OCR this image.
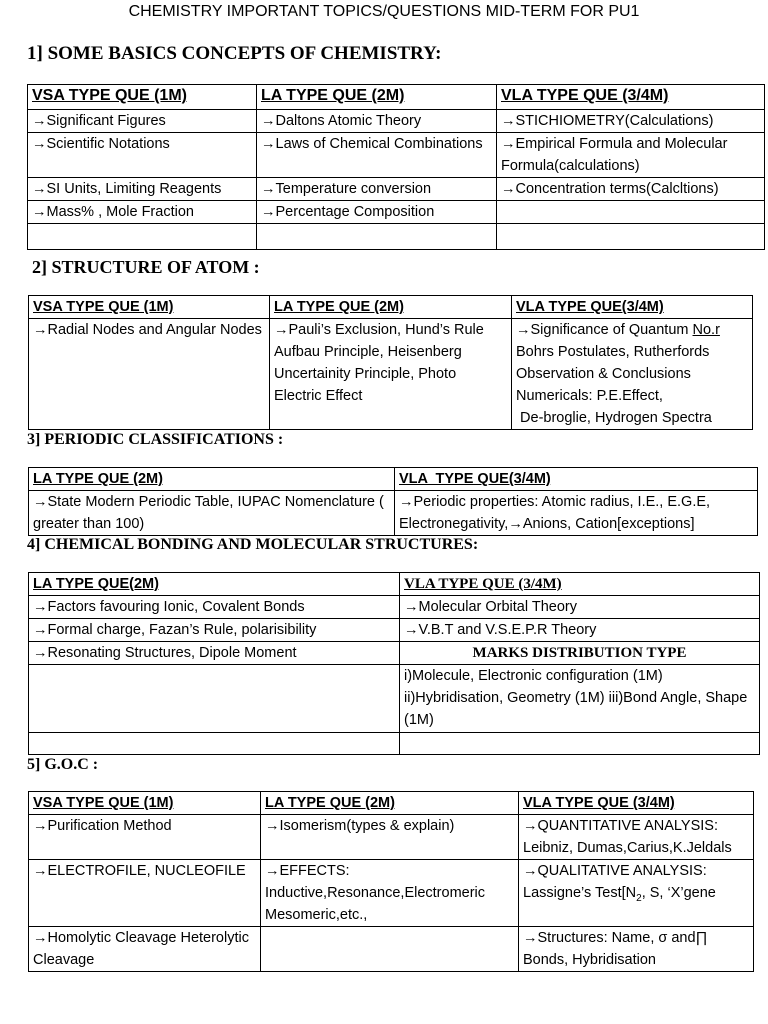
CHEMISTRY IMPORTANT TOPICS/QUESTIONS MID-TERM FOR PU1
1] SOME BASICS CONCEPTS OF CHEMISTRY:
VSA TYPE QUE (1M)	LA TYPE QUE (2M)	VLA TYPE QUE (3/4M)
→Significant Figures	→Daltons Atomic Theory	→STICHIOMETRY(Calculations)
→Scientific Notations	→Laws of Chemical Combinations	→Empirical Formula and Molecular Formula(calculations)
→SI Units, Limiting Reagents	→Temperature conversion	→Concentration terms(Calcltions)
→Mass% , Mole Fraction	→Percentage Composition	

2] STRUCTURE OF ATOM :
VSA TYPE QUE (1M)	LA TYPE QUE (2M)	VLA TYPE QUE(3/4M)
→Radial Nodes and Angular Nodes	→Pauli’s Exclusion, Hund’s Rule Aufbau Principle, Heisenberg Uncertainity Principle, Photo Electric Effect	→Significance of Quantum No.r
Bohrs Postulates, Rutherfords
Observation & Conclusions
Numericals: P.E.Effect,
De-broglie, Hydrogen Spectra
3] PERIODIC CLASSIFICATIONS :
LA TYPE QUE (2M)	VLA  TYPE QUE(3/4M)
→State Modern Periodic Table, IUPAC Nomenclature ( greater than 100)	→Periodic properties: Atomic radius, I.E., E.G.E, Electronegativity,→Anions, Cation[exceptions]
4] CHEMICAL BONDING AND MOLECULAR STRUCTURES:
LA TYPE QUE(2M)	VLA TYPE QUE (3/4M)
→Factors favouring Ionic, Covalent Bonds	→Molecular Orbital Theory
→Formal charge, Fazan’s Rule, polarisibility	→V.B.T and V.S.E.P.R Theory
→Resonating Structures, Dipole Moment	MARKS DISTRIBUTION TYPE
	i)Molecule, Electronic configuration (1M) ii)Hybridisation, Geometry (1M) iii)Bond Angle, Shape (1M)

5] G.O.C :
VSA TYPE QUE (1M)	LA TYPE QUE (2M)	VLA TYPE QUE (3/4M)
→Purification Method	→Isomerism(types & explain)	→QUANTITATIVE ANALYSIS: Leibniz, Dumas,Carius,K.Jeldals
→ELECTROFILE, NUCLEOFILE	→EFFECTS: Inductive,Resonance,Electromeric Mesomeric,etc.,	→QUALITATIVE ANALYSIS: Lassigne’s $Test[N_2$, S, ‘X’gene
→Homolytic Cleavage Heterolytic Cleavage		→Structures: Name, σ and∏ Bonds, Hybridisation
